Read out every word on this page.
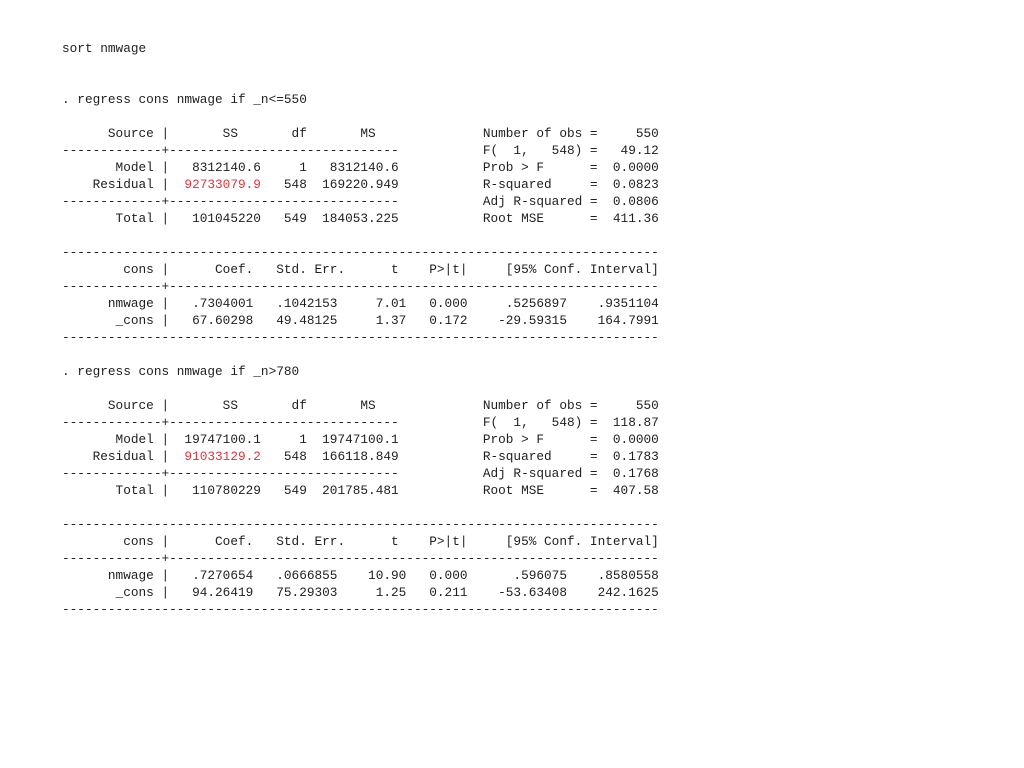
sort nmwage
. regress cons nmwage if _n<=550
Source |       SS       df       MS              Number of obs =     550
-------------+------------------------------           F(  1,   548) =   49.12
Model |   8312140.6     1   8312140.6           Prob > F      =  0.0000
Residual |  92733079.9   548  169220.949           R-squared     =  0.0823
-------------+------------------------------           Adj R-squared =  0.0806
Total |   101045220   549  184053.225           Root MSE      =  411.36
------------------------------------------------------------------------------
cons |      Coef.   Std. Err.      t    P>|t|     [95% Conf. Interval]
-------------+----------------------------------------------------------------
nmwage |   .7304001   .1042153     7.01   0.000     .5256897    .9351104
_cons |   67.60298   49.48125     1.37   0.172    -29.59315    164.7991
------------------------------------------------------------------------------
. regress cons nmwage if _n>780
Source |       SS       df       MS              Number of obs =     550
-------------+------------------------------           F(  1,   548) =  118.87
Model |  19747100.1     1  19747100.1           Prob > F      =  0.0000
Residual |  91033129.2   548  166118.849           R-squared     =  0.1783
-------------+------------------------------           Adj R-squared =  0.1768
Total |   110780229   549  201785.481           Root MSE      =  407.58
------------------------------------------------------------------------------
cons |      Coef.   Std. Err.      t    P>|t|     [95% Conf. Interval]
-------------+----------------------------------------------------------------
nmwage |   .7270654   .0666855    10.90   0.000      .596075    .8580558
_cons |   94.26419   75.29303     1.25   0.211    -53.63408    242.1625
------------------------------------------------------------------------------
